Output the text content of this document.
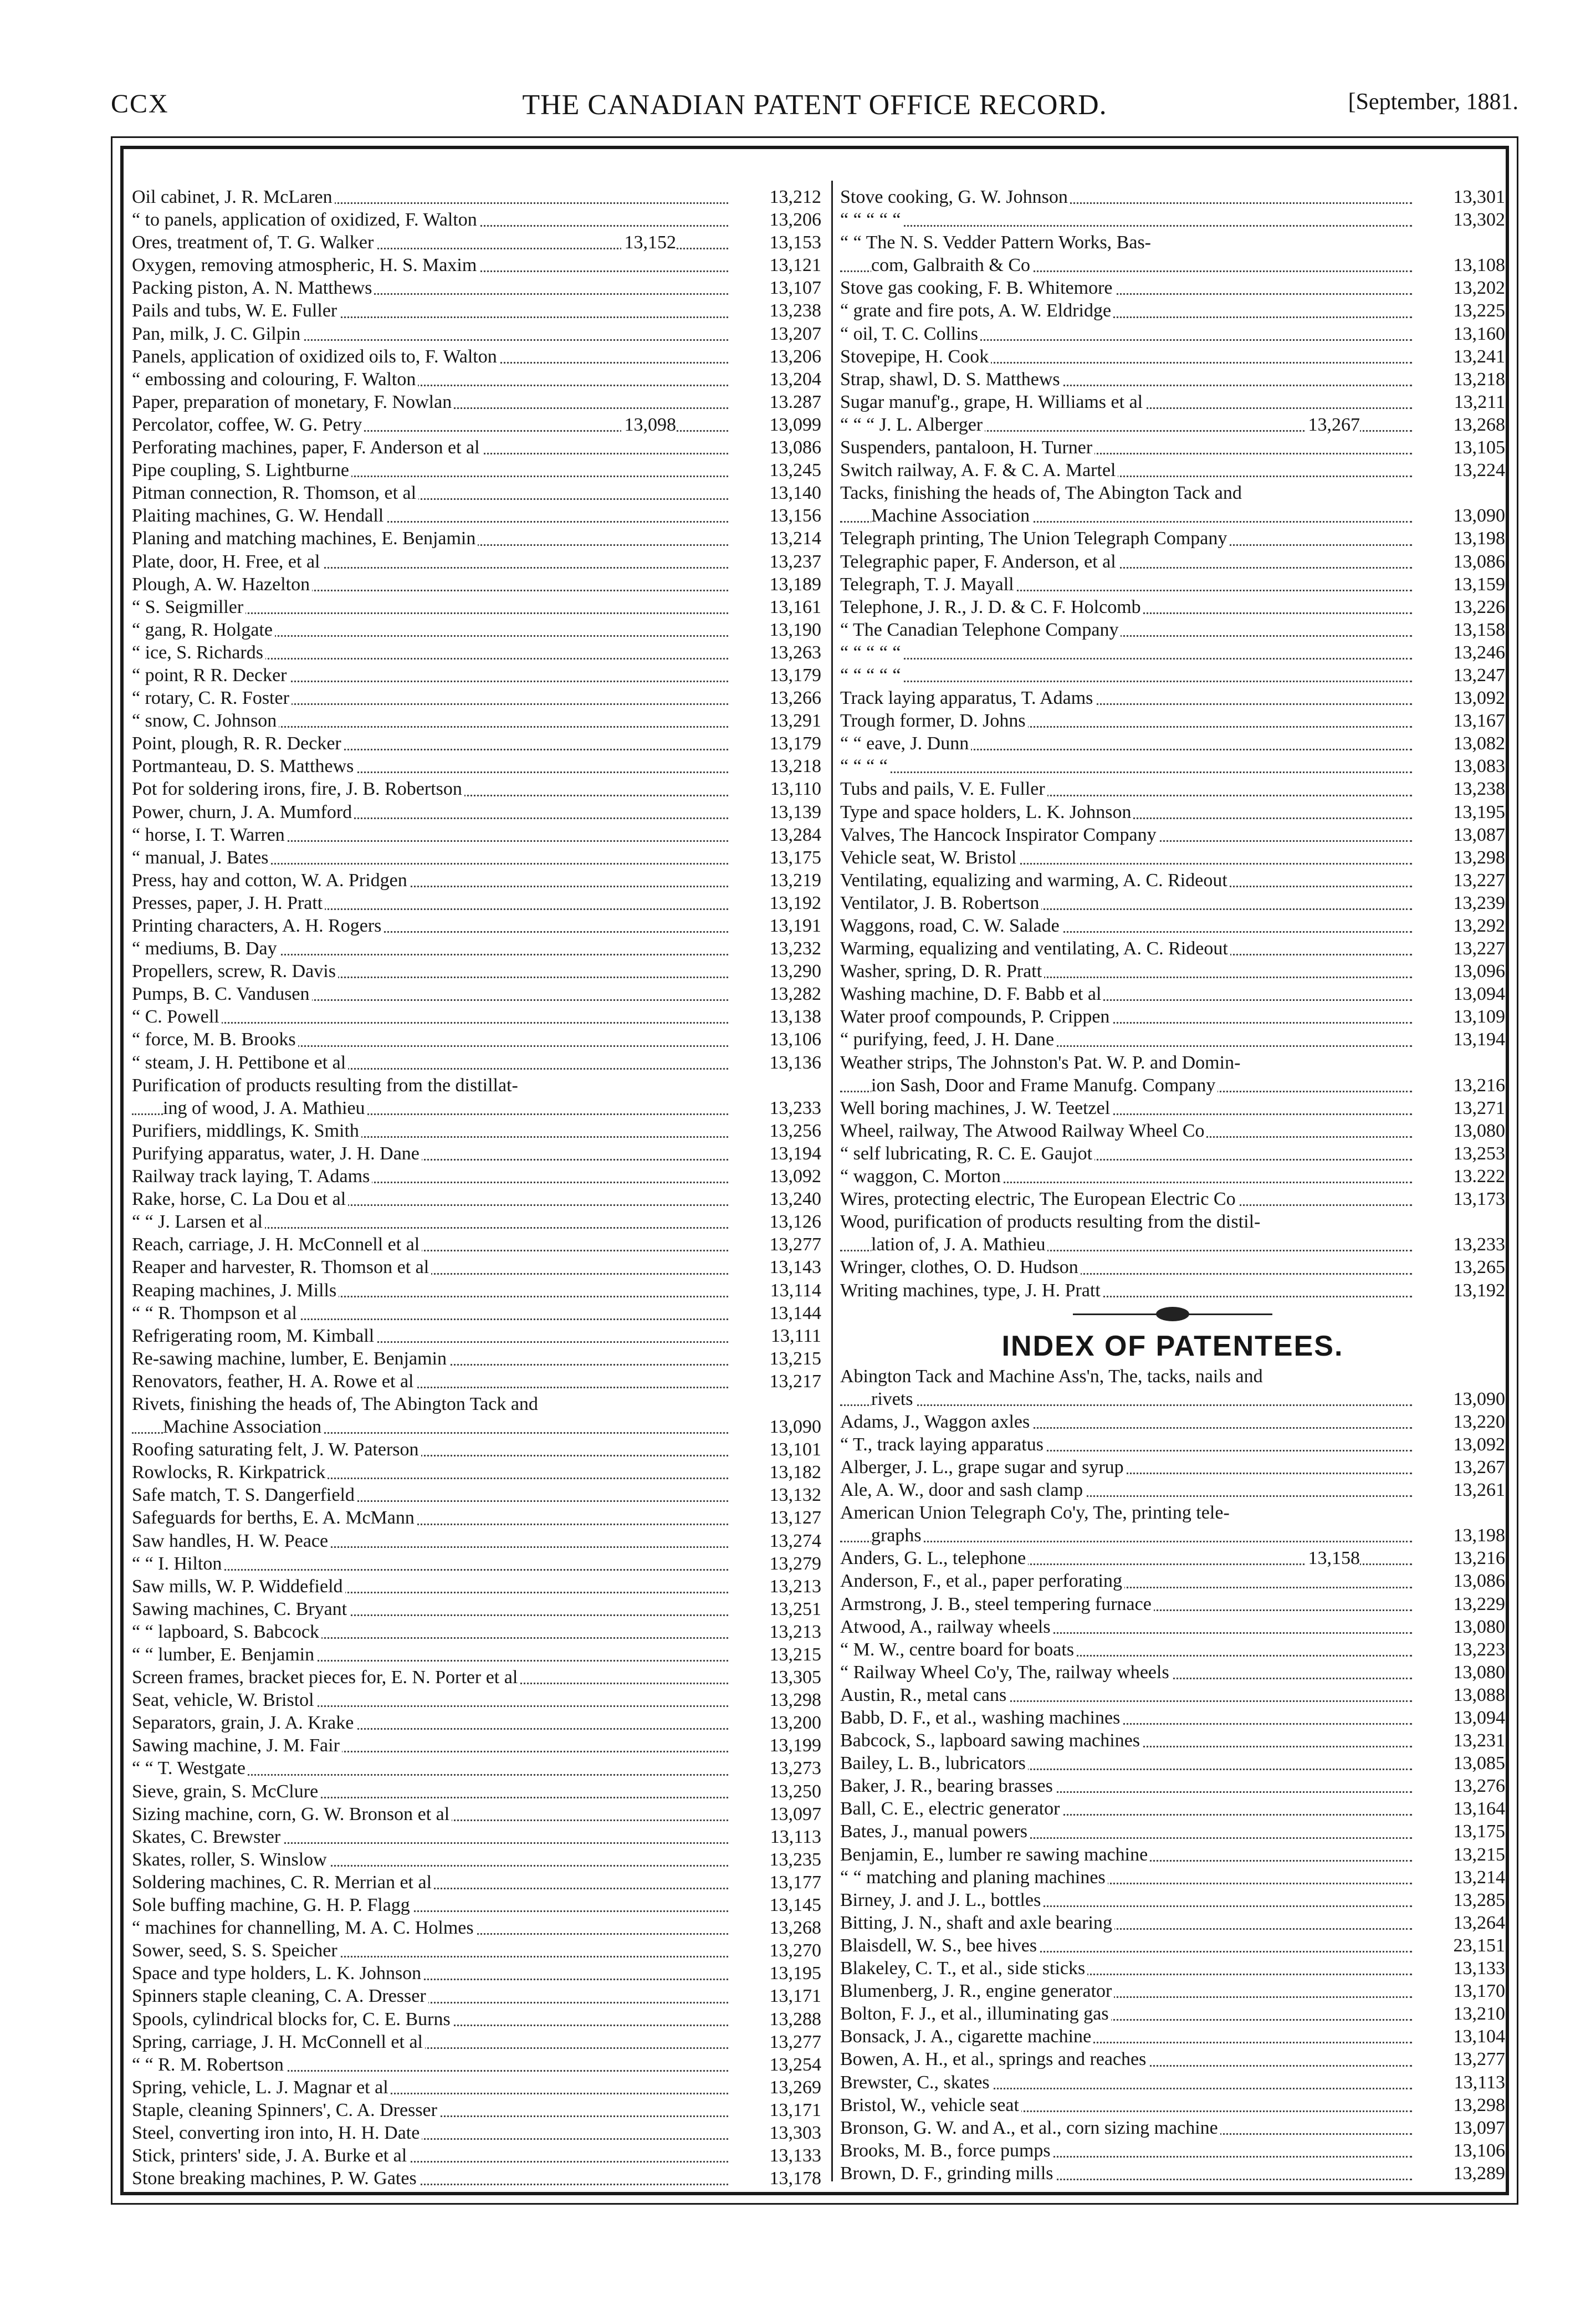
CCX	THE CANADIAN PATENT OFFICE RECORD.	[September, 1881.
Oil cabinet, J. R. McLaren	13,212
“ to panels, application of oxidized, F. Walton	13,206
Ores, treatment of, T. G. Walker	13,152	13,153
Oxygen, removing atmospheric, H. S. Maxim	13,121
Packing piston, A. N. Matthews	13,107
Pails and tubs, W. E. Fuller	13,238
Pan, milk, J. C. Gilpin	13,207
Panels, application of oxidized oils to, F. Walton	13,206
“ embossing and colouring, F. Walton	13,204
Paper, preparation of monetary, F. Nowlan	13.287
Percolator, coffee, W. G. Petry	13,098	13,099
Perforating machines, paper, F. Anderson et al	13,086
Pipe coupling, S. Lightburne	13,245
Pitman connection, R. Thomson, et al	13,140
Plaiting machines, G. W. Hendall	13,156
Planing and matching machines, E. Benjamin	13,214
Plate, door, H. Free, et al	13,237
Plough, A. W. Hazelton	13,189
“ S. Seigmiller	13,161
“ gang, R. Holgate	13,190
“ ice, S. Richards	13,263
“ point, R R. Decker	13,179
“ rotary, C. R. Foster	13,266
“ snow, C. Johnson	13,291
Point, plough, R. R. Decker	13,179
Portmanteau, D. S. Matthews	13,218
Pot for soldering irons, fire, J. B. Robertson	13,110
Power, churn, J. A. Mumford	13,139
“ horse, I. T. Warren	13,284
“ manual, J. Bates	13,175
Press, hay and cotton, W. A. Pridgen	13,219
Presses, paper, J. H. Pratt	13,192
Printing characters, A. H. Rogers	13,191
“ mediums, B. Day	13,232
Propellers, screw, R. Davis	13,290
Pumps, B. C. Vandusen	13,282
“ C. Powell	13,138
“ force, M. B. Brooks	13,106
“ steam, J. H. Pettibone et al	13,136
Purification of products resulting from the distillat-
ing of wood, J. A. Mathieu	13,233
Purifiers, middlings, K. Smith	13,256
Purifying apparatus, water, J. H. Dane	13,194
Railway track laying, T. Adams	13,092
Rake, horse, C. La Dou et al	13,240
“ “ J. Larsen et al	13,126
Reach, carriage, J. H. McConnell et al	13,277
Reaper and harvester, R. Thomson et al	13,143
Reaping machines, J. Mills	13,114
“ “ R. Thompson et al	13,144
Refrigerating room, M. Kimball	13,111
Re-sawing machine, lumber, E. Benjamin	13,215
Renovators, feather, H. A. Rowe et al	13,217
Rivets, finishing the heads of, The Abington Tack and
Machine Association	13,090
Roofing saturating felt, J. W. Paterson	13,101
Rowlocks, R. Kirkpatrick	13,182
Safe match, T. S. Dangerfield	13,132
Safeguards for berths, E. A. McMann	13,127
Saw handles, H. W. Peace	13,274
“ “ I. Hilton	13,279
Saw mills, W. P. Widdefield	13,213
Sawing machines, C. Bryant	13,251
“ “ lapboard, S. Babcock	13,213
“ “ lumber, E. Benjamin	13,215
Screen frames, bracket pieces for, E. N. Porter et al	13,305
Seat, vehicle, W. Bristol	13,298
Separators, grain, J. A. Krake	13,200
Sawing machine, J. M. Fair	13,199
“ “ T. Westgate	13,273
Sieve, grain, S. McClure	13,250
Sizing machine, corn, G. W. Bronson et al	13,097
Skates, C. Brewster	13,113
Skates, roller, S. Winslow	13,235
Soldering machines, C. R. Merrian et al	13,177
Sole buffing machine, G. H. P. Flagg	13,145
“ machines for channelling, M. A. C. Holmes	13,268
Sower, seed, S. S. Speicher	13,270
Space and type holders, L. K. Johnson	13,195
Spinners staple cleaning, C. A. Dresser	13,171
Spools, cylindrical blocks for, C. E. Burns	13,288
Spring, carriage, J. H. McConnell et al	13,277
“ “ R. M. Robertson	13,254
Spring, vehicle, L. J. Magnar et al	13,269
Staple, cleaning Spinners', C. A. Dresser	13,171
Steel, converting iron into, H. H. Date	13,303
Stick, printers' side, J. A. Burke et al	13,133
Stone breaking machines, P. W. Gates	13,178
Stove cooking, G. W. Johnson	13,301
“ “ “ “ “	13,302
“ “ The N. S. Vedder Pattern Works, Bas-
com, Galbraith & Co	13,108
Stove gas cooking, F. B. Whitemore	13,202
“ grate and fire pots, A. W. Eldridge	13,225
“ oil, T. C. Collins	13,160
Stovepipe, H. Cook	13,241
Strap, shawl, D. S. Matthews	13,218
Sugar manuf'g., grape, H. Williams et al	13,211
“ “ “ J. L. Alberger	13,267	13,268
Suspenders, pantaloon, H. Turner	13,105
Switch railway, A. F. & C. A. Martel	13,224
Tacks, finishing the heads of, The Abington Tack and
Machine Association	13,090
Telegraph printing, The Union Telegraph Company	13,198
Telegraphic paper, F. Anderson, et al	13,086
Telegraph, T. J. Mayall	13,159
Telephone, J. R., J. D. & C. F. Holcomb	13,226
“ The Canadian Telephone Company	13,158
“ “ “ “ “	13,246
“ “ “ “ “	13,247
Track laying apparatus, T. Adams	13,092
Trough former, D. Johns	13,167
“ “ eave, J. Dunn	13,082
“ “ “ “	13,083
Tubs and pails, V. E. Fuller	13,238
Type and space holders, L. K. Johnson	13,195
Valves, The Hancock Inspirator Company	13,087
Vehicle seat, W. Bristol	13,298
Ventilating, equalizing and warming, A. C. Rideout	13,227
Ventilator, J. B. Robertson	13,239
Waggons, road, C. W. Salade	13,292
Warming, equalizing and ventilating, A. C. Rideout	13,227
Washer, spring, D. R. Pratt	13,096
Washing machine, D. F. Babb et al	13,094
Water proof compounds, P. Crippen	13,109
“ purifying, feed, J. H. Dane	13,194
Weather strips, The Johnston's Pat. W. P. and Domin-
ion Sash, Door and Frame Manufg. Company	13,216
Well boring machines, J. W. Teetzel	13,271
Wheel, railway, The Atwood Railway Wheel Co	13,080
“ self lubricating, R. C. E. Gaujot	13,253
“ waggon, C. Morton	13.222
Wires, protecting electric, The European Electric Co	13,173
Wood, purification of products resulting from the distil-
lation of, J. A. Mathieu	13,233
Wringer, clothes, O. D. Hudson	13,265
Writing machines, type, J. H. Pratt	13,192
INDEX OF PATENTEES.
Abington Tack and Machine Ass'n, The, tacks, nails and
rivets	13,090
Adams, J., Waggon axles	13,220
“ T., track laying apparatus	13,092
Alberger, J. L., grape sugar and syrup	13,267
Ale, A. W., door and sash clamp	13,261
American Union Telegraph Co'y, The, printing tele-
graphs	13,198
Anders, G. L., telephone	13,158	13,216
Anderson, F., et al., paper perforating	13,086
Armstrong, J. B., steel tempering furnace	13,229
Atwood, A., railway wheels	13,080
“ M. W., centre board for boats	13,223
“ Railway Wheel Co'y, The, railway wheels	13,080
Austin, R., metal cans	13,088
Babb, D. F., et al., washing machines	13,094
Babcock, S., lapboard sawing machines	13,231
Bailey, L. B., lubricators	13,085
Baker, J. R., bearing brasses	13,276
Ball, C. E., electric generator	13,164
Bates, J., manual powers	13,175
Benjamin, E., lumber re sawing machine	13,215
“ “ matching and planing machines	13,214
Birney, J. and J. L., bottles	13,285
Bitting, J. N., shaft and axle bearing	13,264
Blaisdell, W. S., bee hives	23,151
Blakeley, C. T., et al., side sticks	13,133
Blumenberg, J. R., engine generator	13,170
Bolton, F. J., et al., illuminating gas	13,210
Bonsack, J. A., cigarette machine	13,104
Bowen, A. H., et al., springs and reaches	13,277
Brewster, C., skates	13,113
Bristol, W., vehicle seat	13,298
Bronson, G. W. and A., et al., corn sizing machine	13,097
Brooks, M. B., force pumps	13,106
Brown, D. F., grinding mills	13,289
